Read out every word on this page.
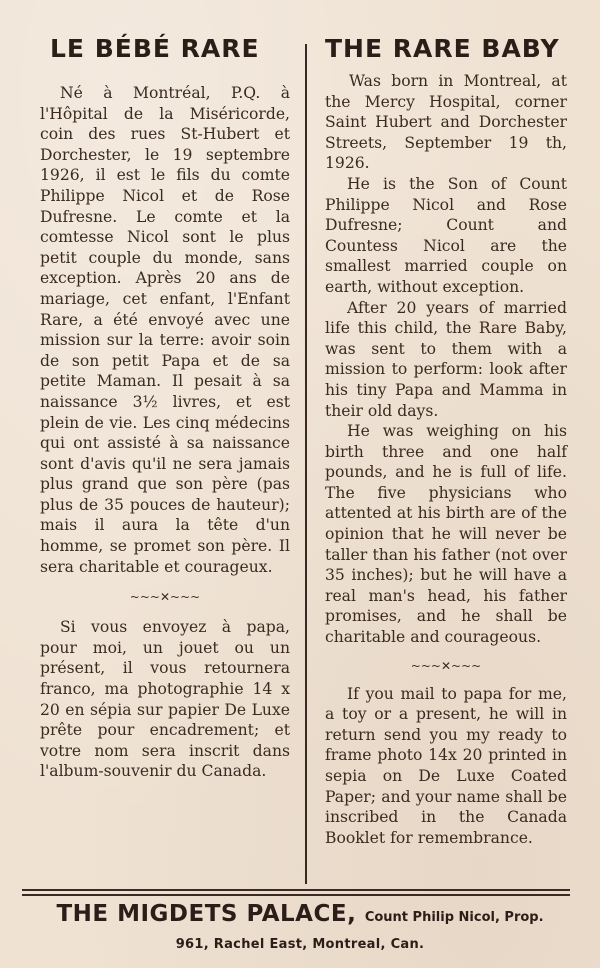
LE BÉBÉ RARE

Né à Montréal, P.Q. à l'Hôpital de la Miséricorde, coin des rues St-Hubert et Dorchester, le 19 septembre 1926, il est le fils du comte Philippe Nicol et de Rose Dufresne. Le comte et la comtesse Nicol sont le plus petit couple du monde, sans exception. Après 20 ans de mariage, cet enfant, l'Enfant Rare, a été envoyé avec une mission sur la terre: avoir soin de son petit Papa et de sa petite Maman. Il pesait à sa naissance 3½ livres, et est plein de vie. Les cinq médecins qui ont assisté à sa naissance sont d'avis qu'il ne sera jamais plus grand que son père (pas plus de 35 pouces de hauteur); mais il aura la tête d'un homme, se promet son père. Il sera charitable et courageux.

~~~✕~~~

Si vous envoyez à papa, pour moi, un jouet ou un présent, il vous retournera franco, ma photographie 14 x 20 en sépia sur papier De Luxe prête pour encadrement; et votre nom sera inscrit dans l'album-souvenir du Canada.

THE RARE BABY

Was born in Montreal, at the Mercy Hospital, corner Saint Hubert and Dorchester Streets, September 19 th, 1926.

He is the Son of Count Philippe Nicol and Rose Dufresne; Count and Countess Nicol are the smallest married couple on earth, without exception.

After 20 years of married life this child, the Rare Baby, was sent to them with a mission to perform: look after his tiny Papa and Mamma in their old days.

He was weighing on his birth three and one half pounds, and he is full of life. The five physicians who attented at his birth are of the opinion that he will never be taller than his father (not over 35 inches); but he will have a real man's head, his father promises, and he shall be charitable and courageous.

~~~✕~~~

If you mail to papa for me, a toy or a present, he will in return send you my ready to frame photo 14x 20 printed in sepia on De Luxe Coated Paper; and your name shall be inscribed in the Canada Booklet for remembrance.

THE MIGDETS PALACE, Count Philip Nicol, Prop.
961, Rachel East, Montreal, Can.
